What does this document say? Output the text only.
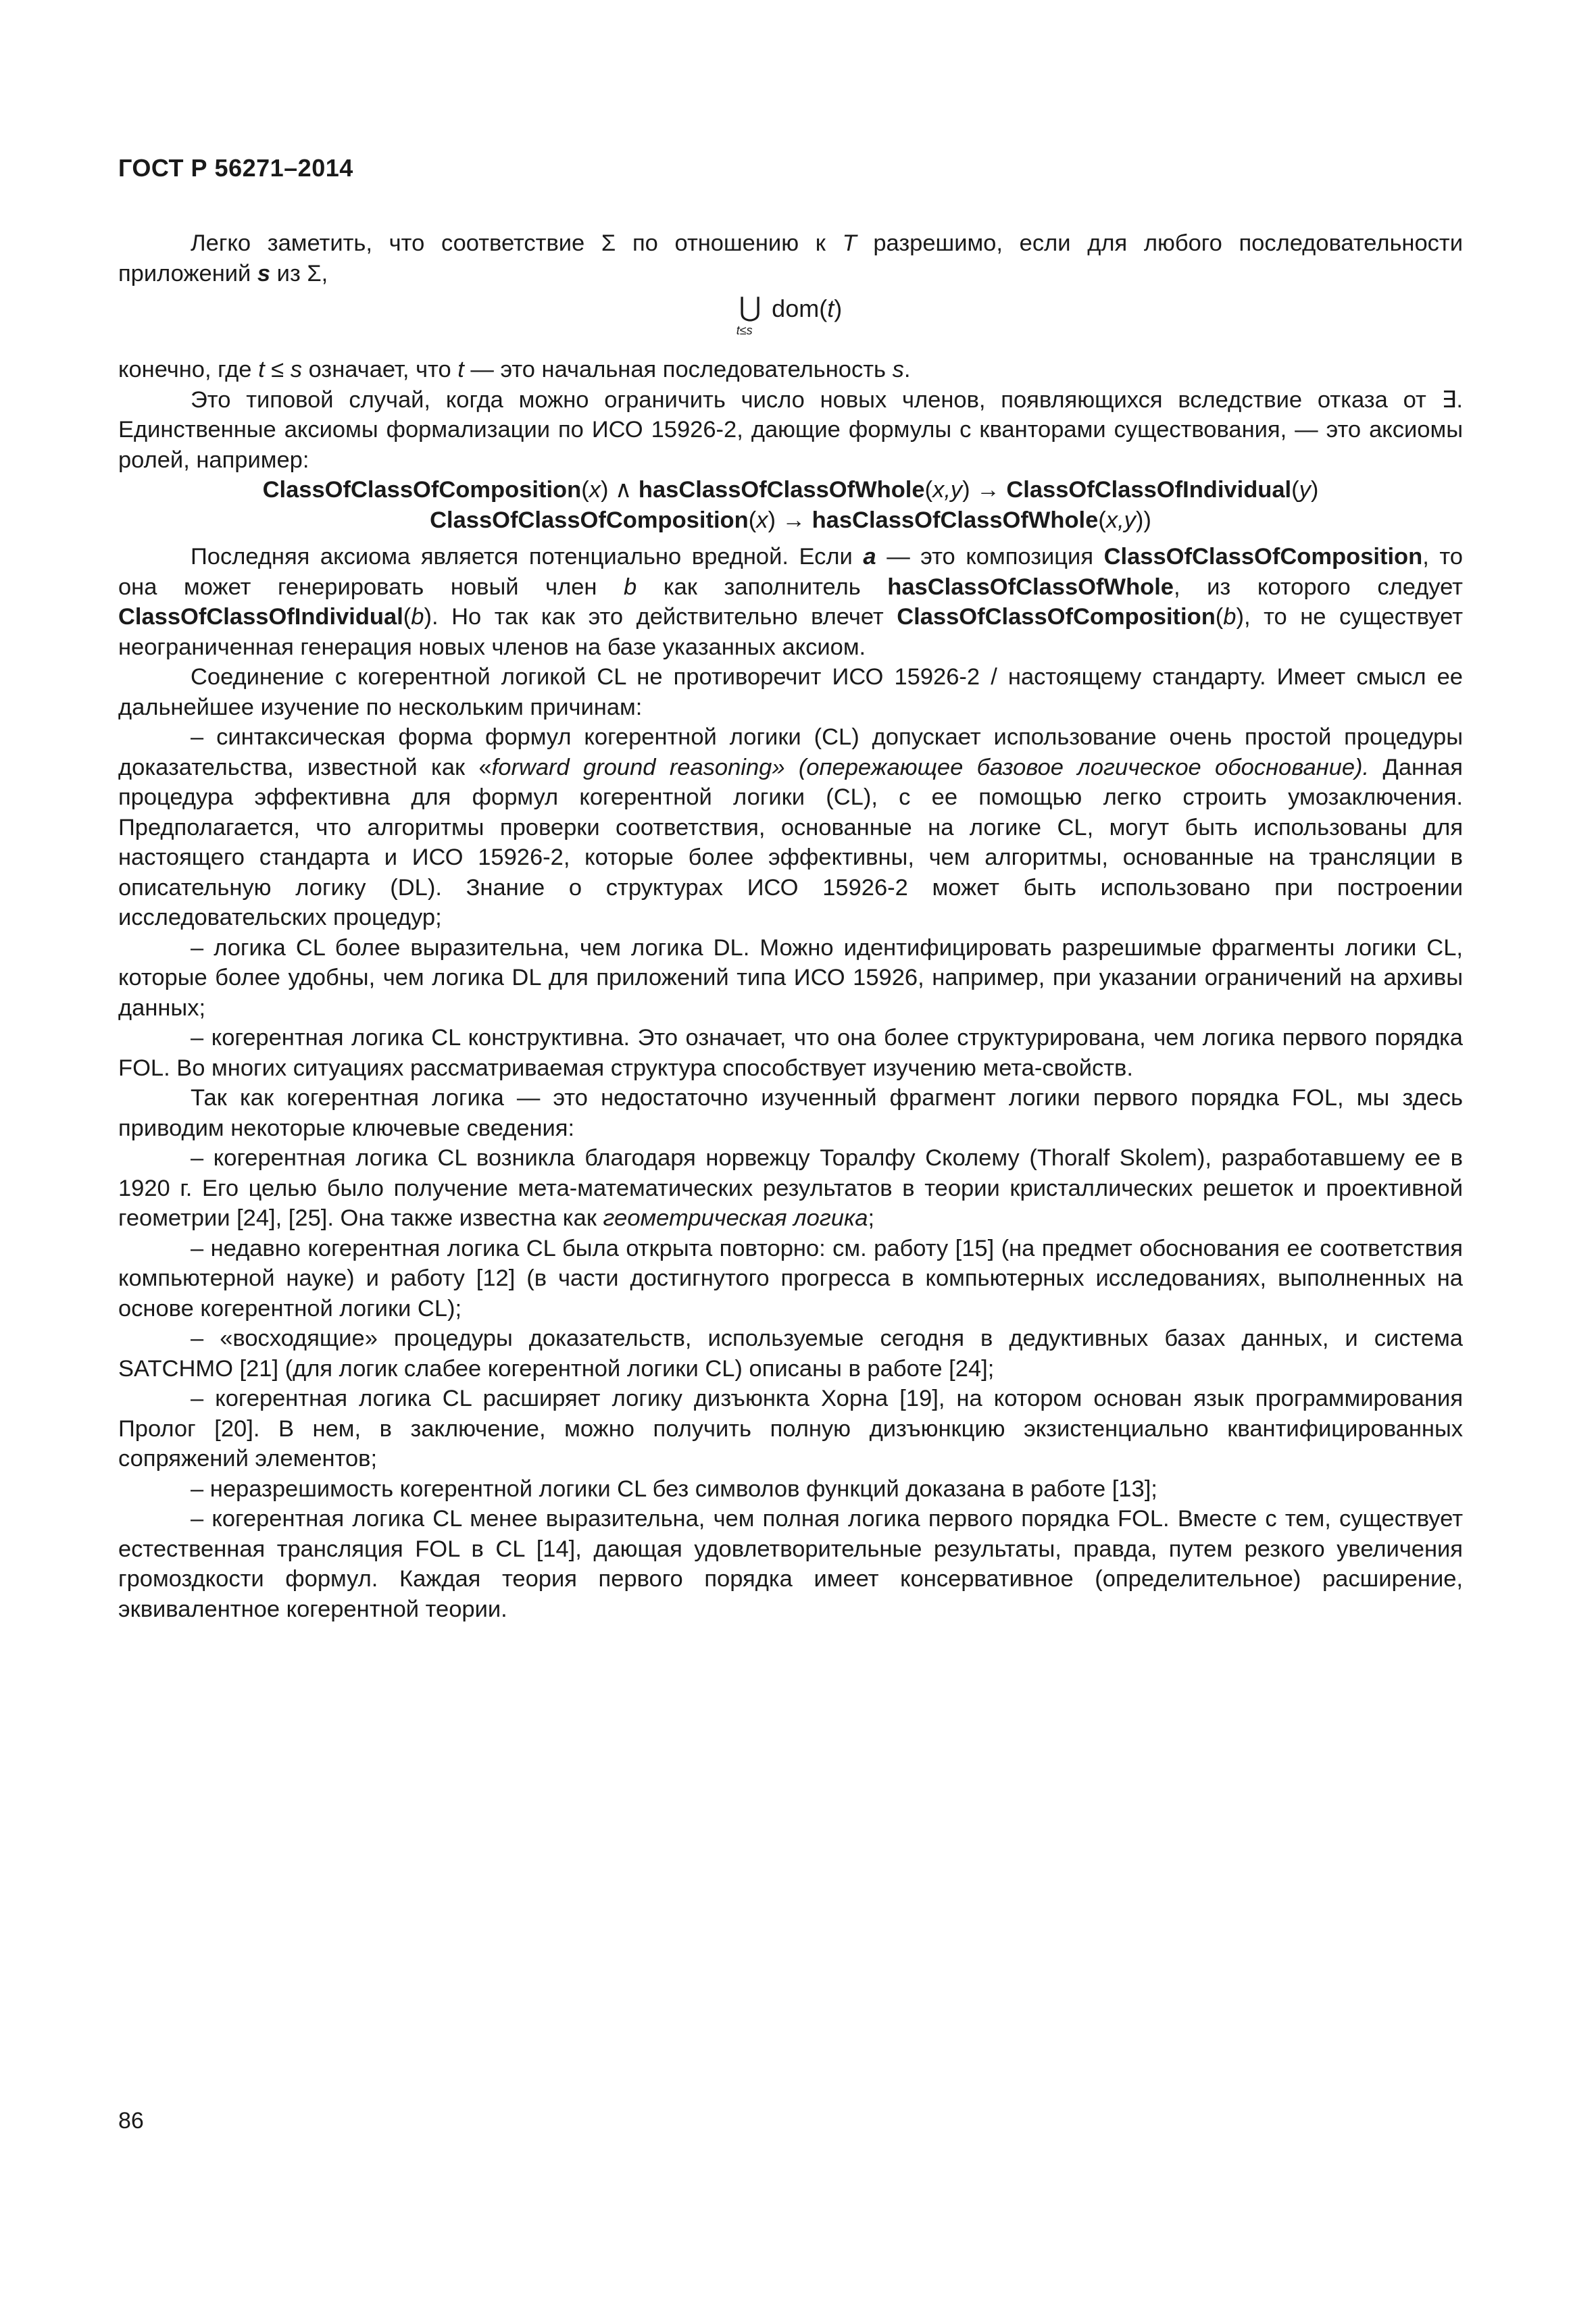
ГОСТ Р 56271–2014

Легко заметить, что соответствие Σ по отношению к T разрешимо, если для любого последовательности приложений s из Σ,

⋃
t≤s
dom(t)

конечно, где t ≤ s означает, что t — это начальная последовательность s.

Это типовой случай, когда можно ограничить число новых членов, появляющихся вследствие отказа от ∃. Единственные аксиомы формализации по ИСО 15926-2, дающие формулы с кванторами существования, — это аксиомы ролей, например:

ClassOfClassOfComposition(x) ∧ hasClassOfClassOfWhole(x,y) → ClassOfClassOfIndividual(y)

ClassOfClassOfComposition(x) → hasClassOfClassOfWhole(x,y))

Последняя аксиома является потенциально вредной. Если a — это композиция ClassOfClassOfComposition, то она может генерировать новый член b как заполнитель hasClassOfClassOfWhole, из которого следует ClassOfClassOfIndividual(b). Но так как это действительно влечет ClassOfClassOfComposition(b), то не существует неограниченная генерация новых членов на базе указанных аксиом.

Соединение с когерентной логикой CL не противоречит ИСО 15926-2 / настоящему стандарту. Имеет смысл ее дальнейшее изучение по нескольким причинам:

– синтаксическая форма формул когерентной логики (CL) допускает использование очень простой процедуры доказательства, известной как «forward ground reasoning» (опережающее базовое логическое обоснование). Данная процедура эффективна для формул когерентной логики (CL), с ее помощью легко строить умозаключения. Предполагается, что алгоритмы проверки соответствия, основанные на логике CL, могут быть использованы для настоящего стандарта и ИСО 15926-2, которые более эффективны, чем алгоритмы, основанные на трансляции в описательную логику (DL). Знание о структурах ИСО 15926-2 может быть использовано при построении исследовательских процедур;

– логика CL более выразительна, чем логика DL. Можно идентифицировать разрешимые фрагменты логики CL, которые более удобны, чем логика DL для приложений типа ИСО 15926, например, при указании ограничений на архивы данных;

– когерентная логика CL конструктивна. Это означает, что она более структурирована, чем логика первого порядка FOL. Во многих ситуациях рассматриваемая структура способствует изучению мета-свойств.

Так как когерентная логика — это недостаточно изученный фрагмент логики первого порядка FOL, мы здесь приводим некоторые ключевые сведения:

– когерентная логика CL возникла благодаря норвежцу Торалфу Сколему (Thoralf Skolem), разработавшему ее в 1920 г. Его целью было получение мета-математических результатов в теории кристаллических решеток и проективной геометрии [24], [25]. Она также известна как геометрическая логика;

– недавно когерентная логика CL была открыта повторно: см. работу [15] (на предмет обоснования ее соответствия компьютерной науке) и работу [12] (в части достигнутого прогресса в компьютерных исследованиях, выполненных на основе когерентной логики CL);

– «восходящие» процедуры доказательств, используемые сегодня в дедуктивных базах данных, и система SATCHMO [21] (для логик слабее когерентной логики CL) описаны в работе [24];

– когерентная логика CL расширяет логику дизъюнкта Хорна [19], на котором основан язык программирования Пролог [20]. В нем, в заключение, можно получить полную дизъюнкцию экзистенциально квантифицированных сопряжений элементов;

– неразрешимость когерентной логики CL без символов функций доказана в работе [13];

– когерентная логика CL менее выразительна, чем полная логика первого порядка FOL. Вместе с тем, существует естественная трансляция FOL в CL [14], дающая удовлетворительные результаты, правда, путем резкого увеличения громоздкости формул. Каждая теория первого порядка имеет консервативное (определительное) расширение, эквивалентное когерентной теории.

86
